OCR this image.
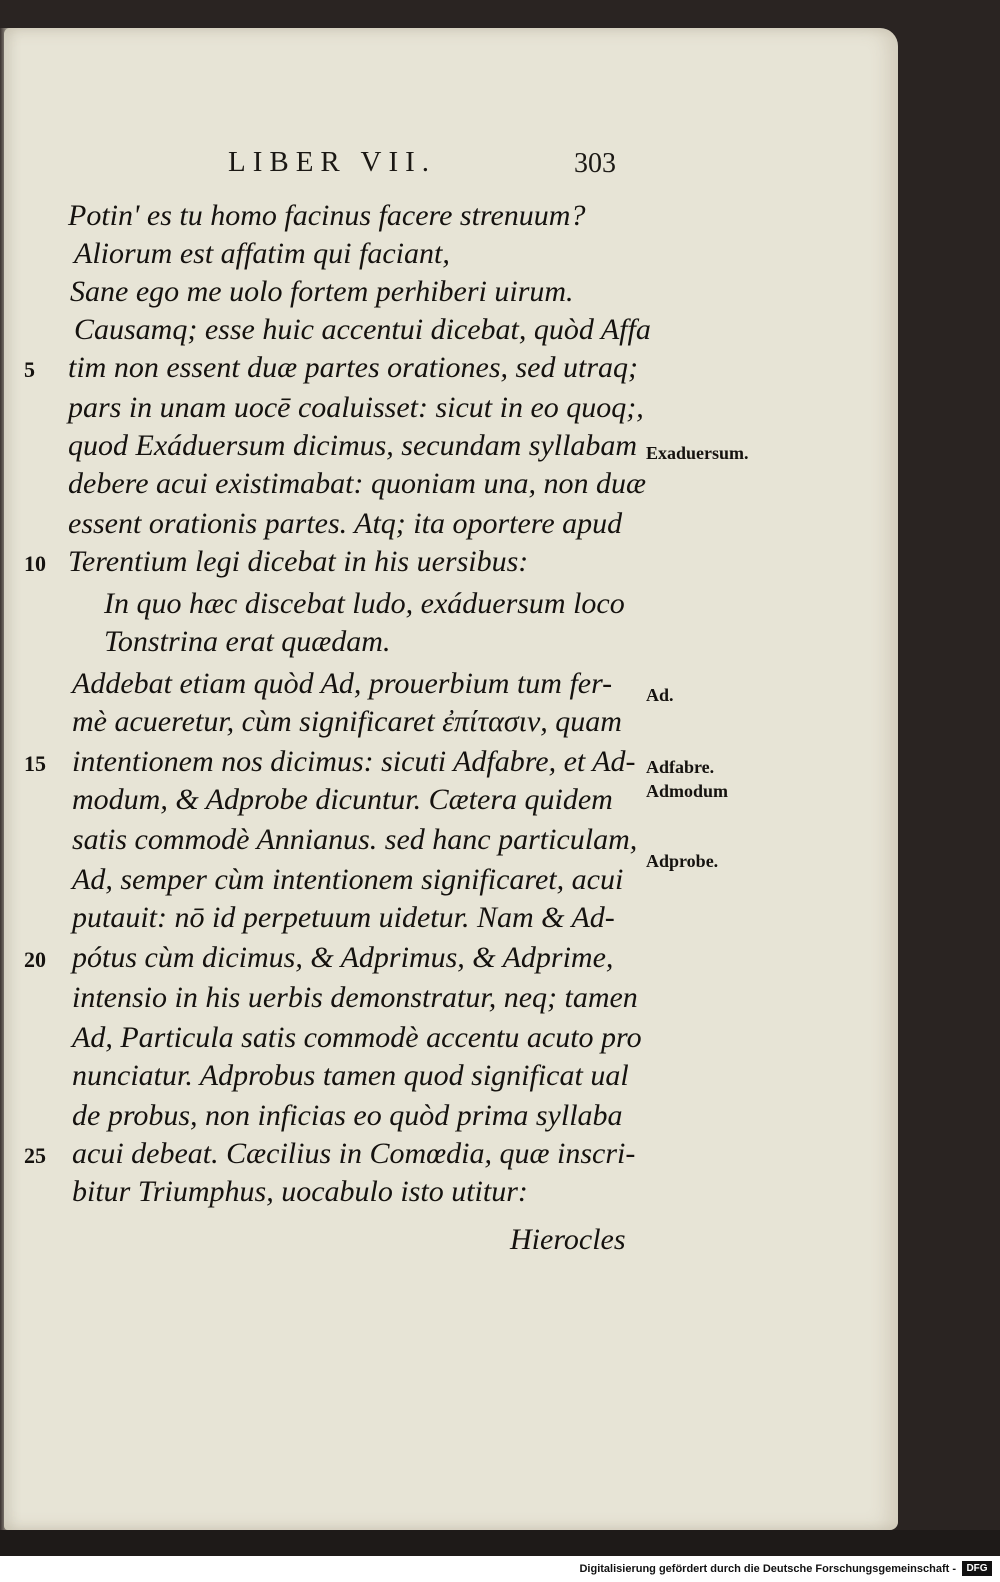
LIBER VII.	303
Potin' es tu homo facinus facere strenuum?
Aliorum est affatim qui faciant,
Sane ego me uolo fortem perhiberi uirum.
Causamq; esse huic accentui dicebat, quòd Affa
tim non essent duæ partes orationes, sed utraq;
pars in unam uocē coaluisset: sicut in eo quoq;,
quod Exáduersum dicimus, secundam syllabam
debere acui existimabat: quoniam una, non duæ
essent orationis partes. Atq; ita oportere apud
Terentium legi dicebat in his uersibus:
In quo hæc discebat ludo, exáduersum loco
Tonstrina erat quædam.
Addebat etiam quòd Ad, prouerbium tum fer-
mè acueretur, cùm significaret ἐπίτασιν, quam
intentionem nos dicimus: sicuti Adfabre, et Ad-
modum, & Adprobe dicuntur. Cætera quidem
satis commodè Annianus. sed hanc particulam,
Ad, semper cùm intentionem significaret, acui
putauit: nō id perpetuum uidetur. Nam & Ad-
pótus cùm dicimus, & Adprimus, & Adprime,
intensio in his uerbis demonstratur, neq; tamen
Ad, Particula satis commodè accentu acuto pro
nunciatur. Adprobus tamen quod significat ual
de probus, non inficias eo quòd prima syllaba
acui debeat. Cæcilius in Comœdia, quæ inscri-
bitur Triumphus, uocabulo isto utitur:
Hierocles
5
10
15
20
25
Exaduersum.
Ad.
Adfabre.
Admodum
Adprobe.
Digitalisierung gefördert durch die Deutsche Forschungsgemeinschaft -	DFG
